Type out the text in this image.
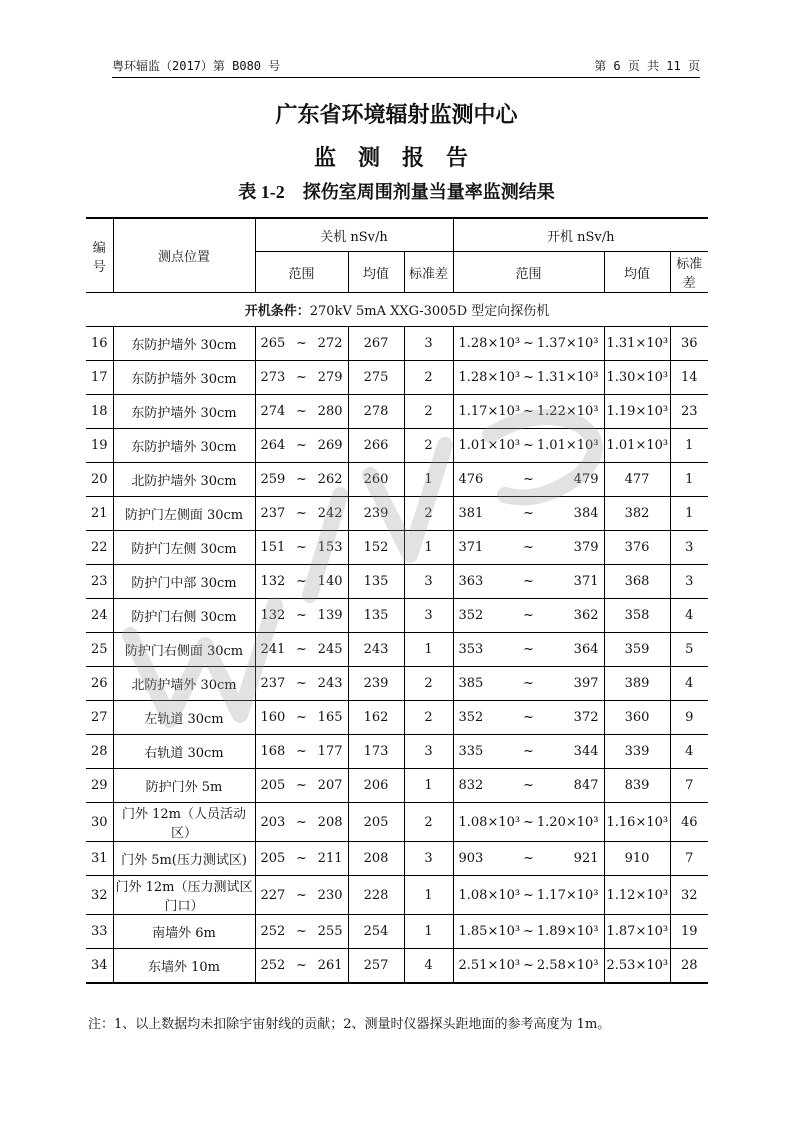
粤环辐监（2017）第 B080 号	第 6 页 共 11 页
广东省环境辐射监测中心
监测报告
表 1-2 探伤室周围剂量当量率监测结果
编号	测点位置	关机 nSv/h			开机 nSv/h		
		范围	均值	标准差	范围	均值	标准差
开机条件：270kV 5mA XXG-3005D 型定向探伤机							
16	东防护墙外 30cm	265 ~ 272	267	3	1.28×10³ ~ 1.37×10³	1.31×10³	36
17	东防护墙外 30cm	273 ~ 279	275	2	1.28×10³ ~ 1.31×10³	1.30×10³	14
18	东防护墙外 30cm	274 ~ 280	278	2	1.17×10³ ~ 1.22×10³	1.19×10³	23
19	东防护墙外 30cm	264 ~ 269	266	2	1.01×10³ ~ 1.01×10³	1.01×10³	1
20	北防护墙外 30cm	259 ~ 262	260	1	476 ~ 479	477	1
21	防护门左侧面 30cm	237 ~ 242	239	2	381 ~ 384	382	1
22	防护门左侧 30cm	151 ~ 153	152	1	371 ~ 379	376	3
23	防护门中部 30cm	132 ~ 140	135	3	363 ~ 371	368	3
24	防护门右侧 30cm	132 ~ 139	135	3	352 ~ 362	358	4
25	防护门右侧面 30cm	241 ~ 245	243	1	353 ~ 364	359	5
26	北防护墙外 30cm	237 ~ 243	239	2	385 ~ 397	389	4
27	左轨道 30cm	160 ~ 165	162	2	352 ~ 372	360	9
28	右轨道 30cm	168 ~ 177	173	3	335 ~ 344	339	4
29	防护门外 5m	205 ~ 207	206	1	832 ~ 847	839	7
30	门外 12m（人员活动区）	203 ~ 208	205	2	1.08×10³ ~ 1.20×10³	1.16×10³	46
31	门外 5m(压力测试区)	205 ~ 211	208	3	903 ~ 921	910	7
32	门外 12m（压力测试区门口）	227 ~ 230	228	1	1.08×10³ ~ 1.17×10³	1.12×10³	32
33	南墙外 6m	252 ~ 255	254	1	1.85×10³ ~ 1.89×10³	1.87×10³	19
34	东墙外 10m	252 ~ 261	257	4	2.51×10³ ~ 2.58×10³	2.53×10³	28
注：1、以上数据均未扣除宇宙射线的贡献；2、测量时仪器探头距地面的参考高度为 1m。
